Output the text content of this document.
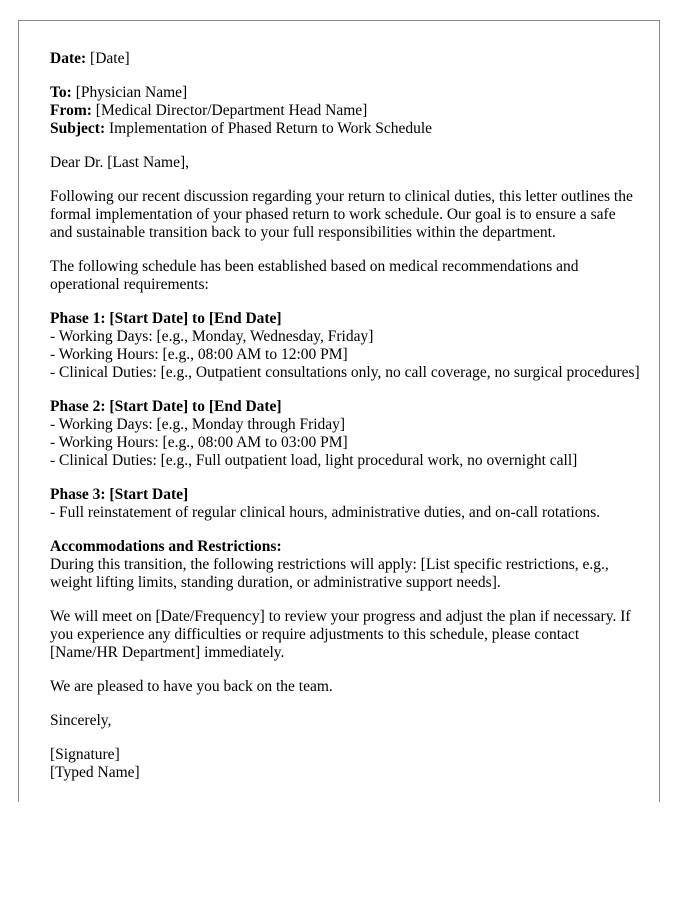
Date: [Date]
To: [Physician Name]
From: [Medical Director/Department Head Name]
Subject: Implementation of Phased Return to Work Schedule

Dear Dr. [Last Name],

Following our recent discussion regarding your return to clinical duties, this letter outlines the formal implementation of your phased return to work schedule. Our goal is to ensure a safe and sustainable transition back to your full responsibilities within the department.

The following schedule has been established based on medical recommendations and operational requirements:

Phase 1: [Start Date] to [End Date]
- Working Days: [e.g., Monday, Wednesday, Friday]
- Working Hours: [e.g., 08:00 AM to 12:00 PM]
- Clinical Duties: [e.g., Outpatient consultations only, no call coverage, no surgical procedures]
Phase 2: [Start Date] to [End Date]
- Working Days: [e.g., Monday through Friday]
- Working Hours: [e.g., 08:00 AM to 03:00 PM]
- Clinical Duties: [e.g., Full outpatient load, light procedural work, no overnight call]
Phase 3: [Start Date]
- Full reinstatement of regular clinical hours, administrative duties, and on-call rotations.
Accommodations and Restrictions:
During this transition, the following restrictions will apply: [List specific restrictions, e.g., weight lifting limits, standing duration, or administrative support needs].

We will meet on [Date/Frequency] to review your progress and adjust the plan if necessary. If you experience any difficulties or require adjustments to this schedule, please contact [Name/HR Department] immediately.

We are pleased to have you back on the team.

Sincerely,

[Signature]
[Typed Name]
